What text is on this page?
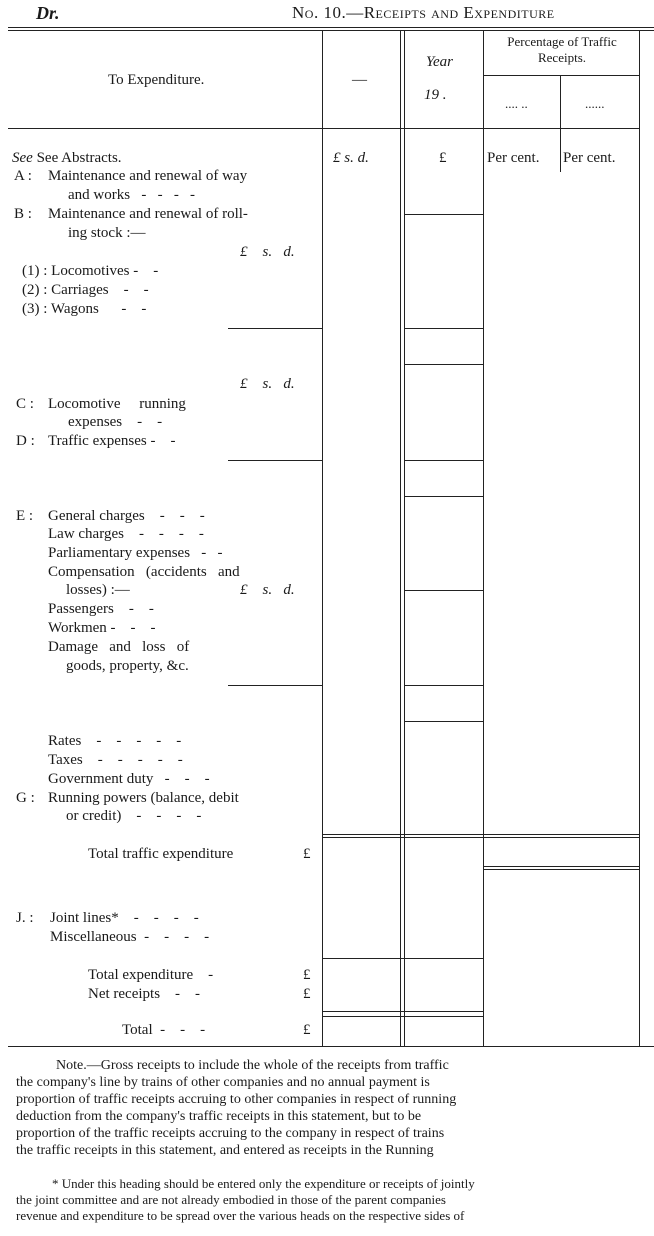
Dr.	No. 10.—Receipts and Expenditure
To Expenditure.	—
Year
19 .
Percentage of Traffic Receipts.
.... ..	......
See See Abstracts.	£ s. d.	£	Per cent. Per cent.
A : Maintenance and renewal of way
and works   -   -   -   -
B : Maintenance and renewal of roll-
ing stock :—
£    s.   d.
(1) : Locomotives -    -
(2) : Carriages    -    -
(3) : Wagons      -    -
£    s.   d.
C : Locomotive     running
expenses    -    -
D : Traffic expenses -    -
E : General charges    -    -    -
Law charges    -    -    -    -
Parliamentary expenses   -   -
Compensation   (accidents   and
losses) :—	£    s.   d.
Passengers    -    -
Workmen -    -    -
Damage   and   loss   of
goods, property, &c.
Rates    -    -    -    -    -
Taxes    -    -    -    -    -
Government duty   -    -    -
G : Running powers (balance, debit
or credit)    -    -    -    -
Total traffic expenditure	£
J. : Joint lines*    -    -    -    -
Miscellaneous  -    -    -    -
Total expenditure    -	£
Net receipts    -    -	£
Total  -    -    -	£
Note.—Gross receipts to include the whole of the receipts from traffic
the company's line by trains of other companies and no annual payment is
proportion of traffic receipts accruing to other companies in respect of running
deduction from the company's traffic receipts in this statement, but to be
proportion of the traffic receipts accruing to the company in respect of trains
the traffic receipts in this statement, and entered as receipts in the Running
* Under this heading should be entered only the expenditure or receipts of jointly
the joint committee and are not already embodied in those of the parent companies
revenue and expenditure to be spread over the various heads on the respective sides of
